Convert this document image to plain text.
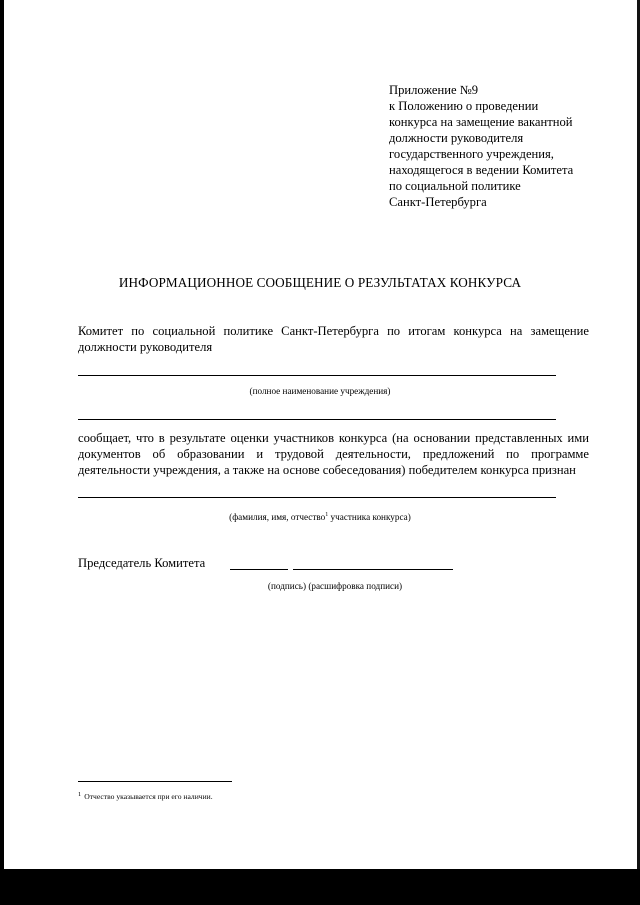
Приложение №9
к Положению о проведении
конкурса на замещение вакантной
должности руководителя
государственного учреждения,
находящегося в ведении Комитета
по социальной политике
Санкт-Петербурга
ИНФОРМАЦИОННОЕ СООБЩЕНИЕ О РЕЗУЛЬТАТАХ КОНКУРСА
Комитет по социальной политике Санкт-Петербурга по итогам конкурса на замещение должности руководителя
(полное наименование учреждения)
сообщает, что в результате оценки участников конкурса (на основании представленных ими документов об образовании и трудовой деятельности, предложений по программе деятельности учреждения, а также на основе собеседования) победителем конкурса признан
(фамилия, имя, отчество$^1$ участника конкурса)
Председатель Комитета
(подпись) (расшифровка подписи)
1 Отчество указывается при его наличии.
